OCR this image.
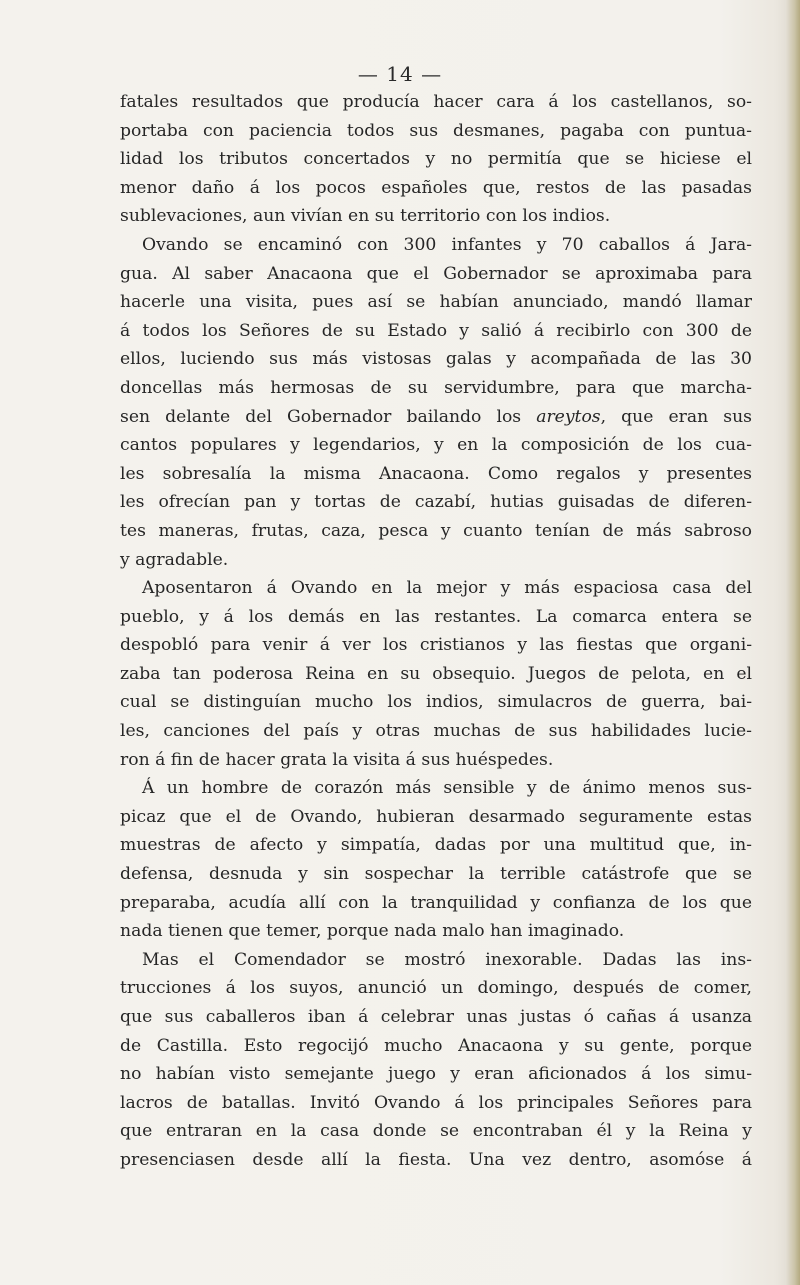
— 14 —
fatales resultados que producía hacer cara á los castellanos, so-
portaba con paciencia todos sus desmanes, pagaba con puntua-
lidad los tributos concertados y no permitía que se hiciese el
menor daño á los pocos españoles que, restos de las pasadas
sublevaciones, aun vivían en su territorio con los indios.
Ovando se encaminó con 300 infantes y 70 caballos á Jara-
gua. Al saber Anacaona que el Gobernador se aproximaba para
hacerle una visita, pues así se habían anunciado, mandó llamar
á todos los Señores de su Estado y salió á recibirlo con 300 de
ellos, luciendo sus más vistosas galas y acompañada de las 30
doncellas más hermosas de su servidumbre, para que marcha-
sen delante del Gobernador bailando los areytos, que eran sus
cantos populares y legendarios, y en la composición de los cua-
les sobresalía la misma Anacaona. Como regalos y presentes
les ofrecían pan y tortas de cazabí, hutias guisadas de diferen-
tes maneras, frutas, caza, pesca y cuanto tenían de más sabroso
y agradable.
Aposentaron á Ovando en la mejor y más espaciosa casa del
pueblo, y á los demás en las restantes. La comarca entera se
despobló para venir á ver los cristianos y las fiestas que organi-
zaba tan poderosa Reina en su obsequio. Juegos de pelota, en el
cual se distinguían mucho los indios, simulacros de guerra, bai-
les, canciones del país y otras muchas de sus habilidades lucie-
ron á fin de hacer grata la visita á sus huéspedes.
Á un hombre de corazón más sensible y de ánimo menos sus-
picaz que el de Ovando, hubieran desarmado seguramente estas
muestras de afecto y simpatía, dadas por una multitud que, in-
defensa, desnuda y sin sospechar la terrible catástrofe que se
preparaba, acudía allí con la tranquilidad y confianza de los que
nada tienen que temer, porque nada malo han imaginado.
Mas el Comendador se mostró inexorable. Dadas las ins-
trucciones á los suyos, anunció un domingo, después de comer,
que sus caballeros iban á celebrar unas justas ó cañas á usanza
de Castilla. Esto regocijó mucho Anacaona y su gente, porque
no habían visto semejante juego y eran aficionados á los simu-
lacros de batallas. Invitó Ovando á los principales Señores para
que entraran en la casa donde se encontraban él y la Reina y
presenciasen desde allí la fiesta. Una vez dentro, asomóse á
